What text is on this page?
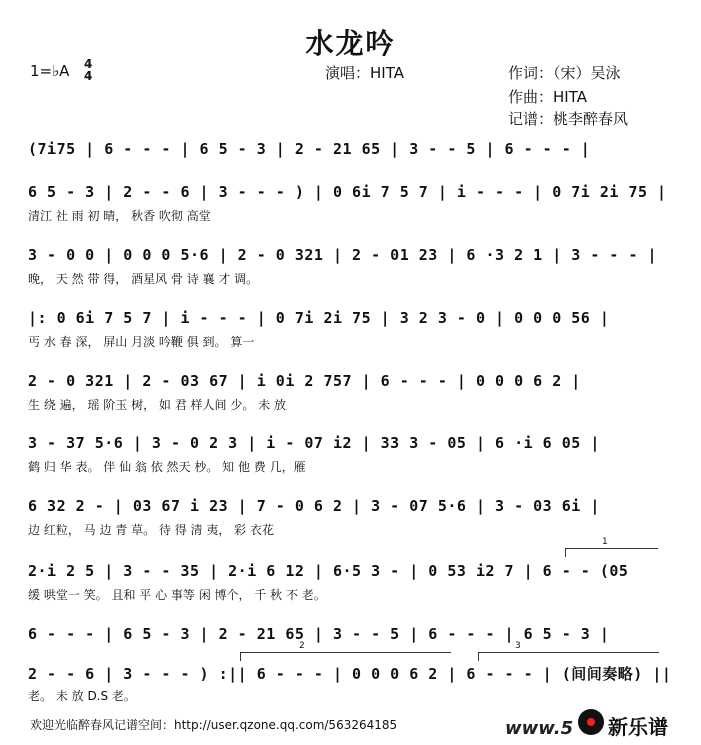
水龙吟
1=♭A 4
4	演唱：HITA	作词：（宋）吴泳
作曲：HITA
记谱：桃李醉春风
(7i75 | 6 - - - | 6 5 - 3 | 2 - 21 65 | 3 - - 5 | 6 - - - |
6 5 - 3 | 2 - - 6 | 3 - - - ) | 0 6i 7 5 7 | i - - - | 0 7i 2i 75 |
清江 社 雨 初 晴， 秋香 吹彻 高堂
3 - 0 0 | 0 0 0 5·6 | 2 - 0 321 | 2 - 01 23 | 6 ·3 2 1 | 3 - - - |
晚， 天 然 带 得， 酒星风 骨 诗 襄 才 调。
|: 0 6i 7 5 7 | i - - - | 0 7i 2i 75 | 3 2 3 - 0 | 0 0 0 56 |
丐 水 春 深， 屏山 月淡 吟鞭 俱 到。 算一
2 - 0 321 | 2 - 03 67 | i 0i 2 757 | 6 - - - | 0 0 0 6 2 |
生 绕 遍， 瑶 阶玉 树， 如 君 样人间 少。 未 放
3 - 37 5·6 | 3 - 0 2 3 | i - 07 i2 | 33 3 - 05 | 6 ·i 6 05 |
鹤 归 华 表。 伴 仙 翁 依 然天 杪。 知 他 费 几，雁
6 32 2 - | 03 67 i 23 | 7 - 0 6 2 | 3 - 07 5·6 | 3 - 03 6i |
边 红粒， 马 边 青 草。 待 得 清 夷， 彩 衣花
2·i 2 5 | 3 - - 35 | 2·i 6 12 | 6·5 3 - | 0 53 i2 7 | 6 - - (05
缓 哄堂一 笑。 且和 平 心 事等 闲 博个， 千 秋 不 老。
6 - - - | 6 5 - 3 | 2 - 21 65 | 3 - - 5 | 6 - - - | 6 5 - 3 |
2 - - 6 | 3 - - - ) :|| 6 - - - | 0 0 0 6 2 | 6 - - - | (间间奏略) ||
老。 未 放 D.S 老。
1
2	3
欢迎光临醉春风记谱空间：http://user.qzone.qq.com/563264185	www.5 新乐谱
